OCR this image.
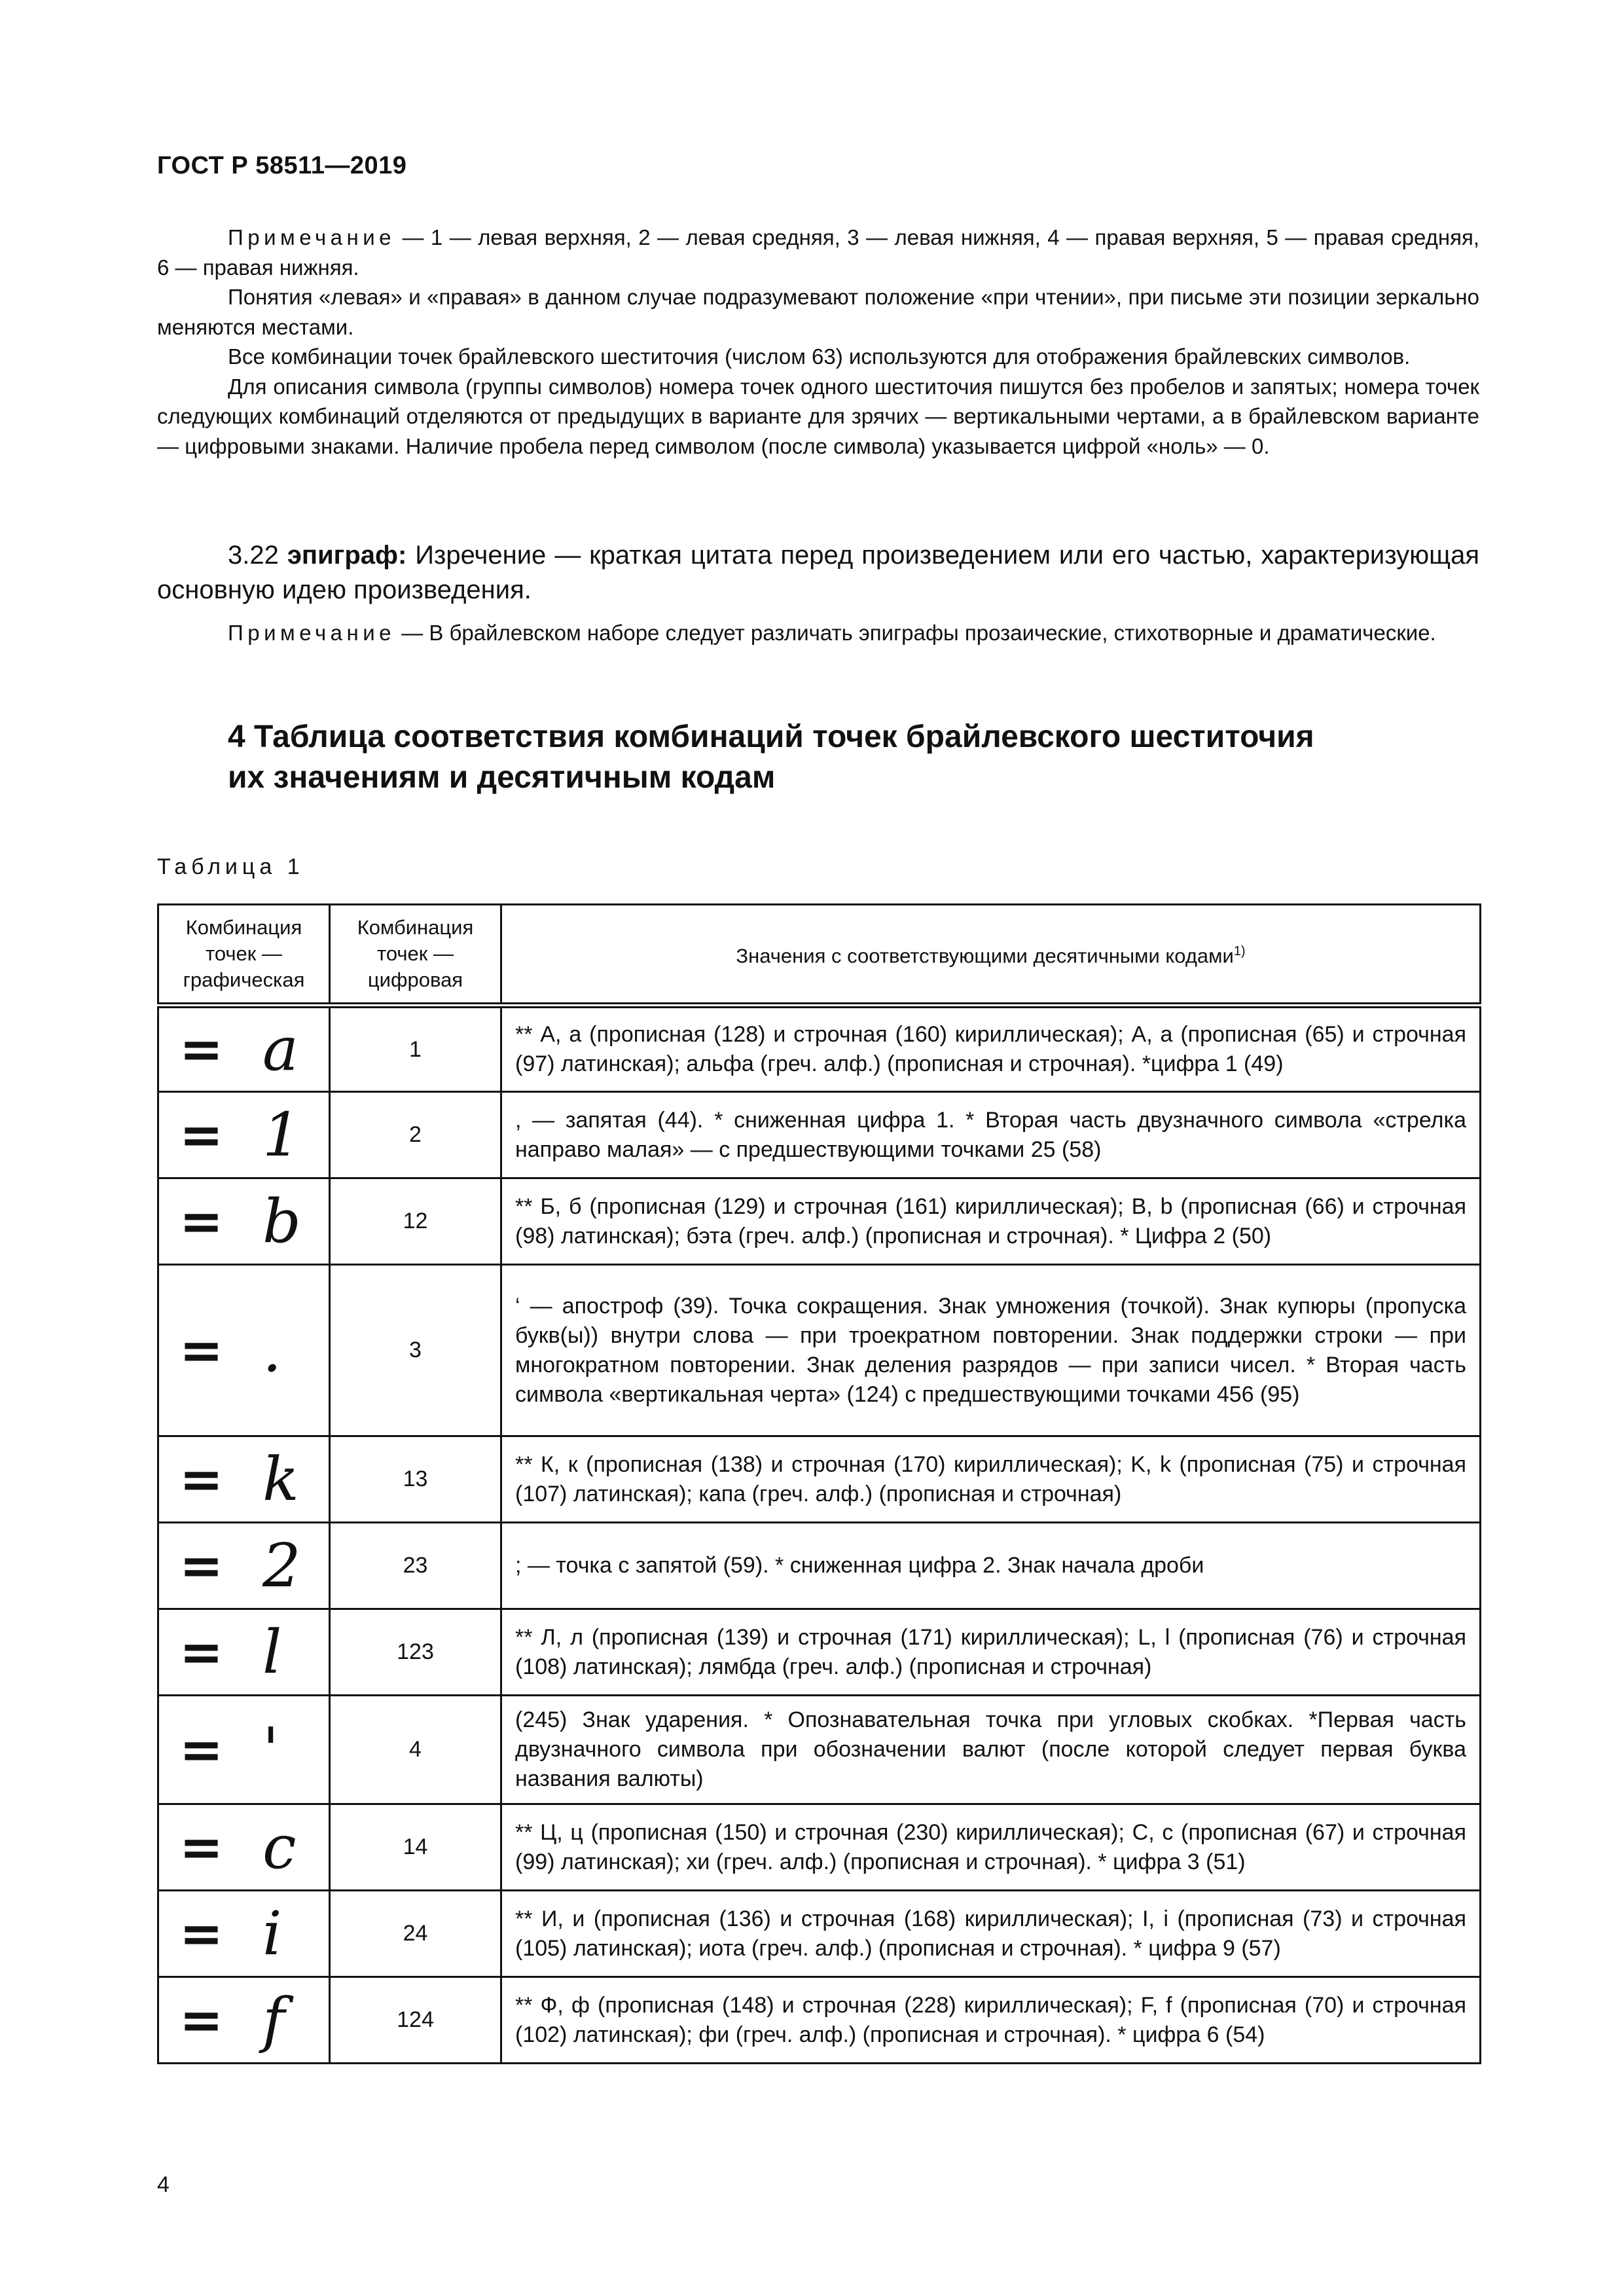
ГОСТ Р 58511—2019

Примечание — 1 — левая верхняя, 2 — левая средняя, 3 — левая нижняя, 4 — правая верхняя, 5 — правая средняя, 6 — правая нижняя.

Понятия «левая» и «правая» в данном случае подразумевают положение «при чтении», при письме эти позиции зеркально меняются местами.

Все комбинации точек брайлевского шеститочия (числом 63) используются для отображения брайлевских символов.

Для описания символа (группы символов) номера точек одного шеститочия пишутся без пробелов и запятых; номера точек следующих комбинаций отделяются от предыдущих в варианте для зрячих — вертикальными чертами, а в брайлевском варианте — цифровыми знаками. Наличие пробела перед символом (после символа) указывается цифрой «ноль» — 0.

3.22 эпиграф: Изречение — краткая цитата перед произведением или его частью, характеризующая основную идею произведения.

Примечание — В брайлевском наборе следует различать эпиграфы прозаические, стихотворные и драматические.

4 Таблица соответствия комбинаций точек брайлевского шеститочия
их значениям и десятичным кодам
Таблица 1
Комбинация точек — графическая	Комбинация точек — цифровая	Значения с соответствующими десятичными кодами$^{1)}$

= a	1	** А, а (прописная (128) и строчная (160) кириллическая); A, a (прописная (65) и строчная (97) латинская); альфа (греч. алф.) (прописная и строчная). *цифра 1 (49)

= 1	2	, — запятая (44). * сниженная цифра 1. * Вторая часть двузначного символа «стрелка направо малая» — с предшествующими точками 25 (58)

= b	12	** Б, б (прописная (129) и строчная (161) кириллическая); B, b (прописная (66) и строчная (98) латинская); бэта (греч. алф.) (прописная и строчная). * Цифра 2 (50)

= .	3	‘ — апостроф (39). Точка сокращения. Знак умножения (точкой). Знак купюры (пропуска букв(ы)) внутри слова — при троекратном повторении. Знак поддержки строки — при многократном повторении. Знак деления разрядов — при записи чисел. * Вторая часть символа «вертикальная черта» (124) с предшествующими точками 456 (95)

= k	13	** К, к (прописная (138) и строчная (170) кириллическая); K, k (прописная (75) и строчная (107) латинская); капа (греч. алф.) (прописная и строчная)

= 2	23	; — точка с запятой (59). * сниженная цифра 2. Знак начала дроби

= l	123	** Л, л (прописная (139) и строчная (171) кириллическая); L, l (прописная (76) и строчная (108) латинская); лямбда (греч. алф.) (прописная и строчная)

= '	4	(245) Знак ударения. * Опознавательная точка при угловых скобках. *Первая часть двузначного символа при обозначении валют (после которой следует первая буква названия валюты)

= c	14	** Ц, ц (прописная (150) и строчная (230) кириллическая); C, c (прописная (67) и строчная (99) латинская); хи (греч. алф.) (прописная и строчная). * цифра 3 (51)

= i	24	** И, и (прописная (136) и строчная (168) кириллическая); I, i (прописная (73) и строчная (105) латинская); иота (греч. алф.) (прописная и строчная). * цифра 9 (57)

= f	124	** Ф, ф (прописная (148) и строчная (228) кириллическая); F, f (прописная (70) и строчная (102) латинская); фи (греч. алф.) (прописная и строчная). * цифра 6 (54)
4
